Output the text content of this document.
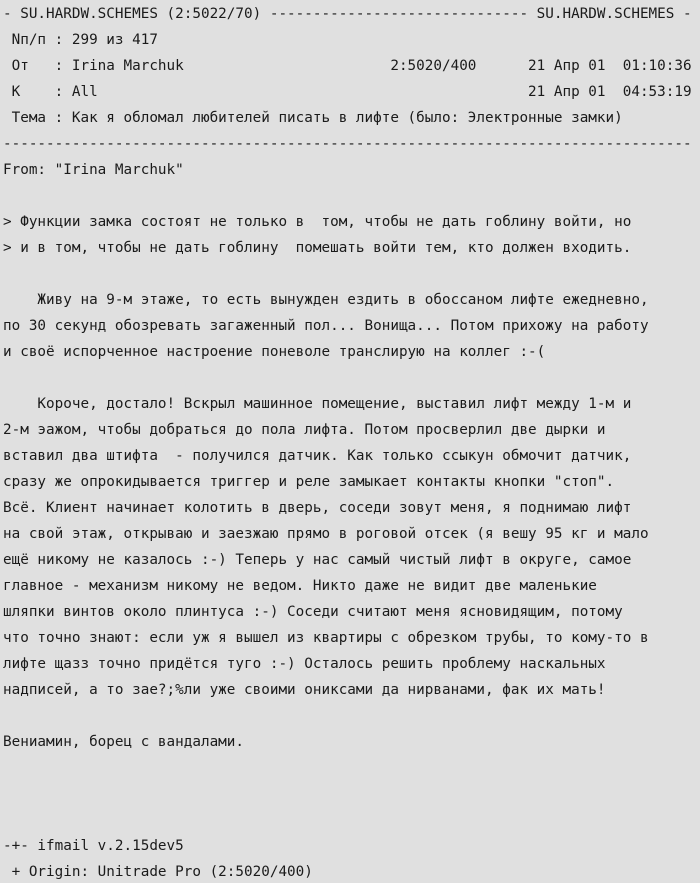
- SU.HARDW.SCHEMES (2:5022/70) ------------------------------ SU.HARDW.SCHEMES -
Nп/п : 299 из 417
От   : Irina Marchuk                        2:5020/400      21 Апр 01  01:10:36
К    : All                                                  21 Апр 01  04:53:19
Тема : Как я обломал любителей писать в лифте (было: Электронные замки)
--------------------------------------------------------------------------------
From: "Irina Marchuk"
> Функции замка состоят не только в  том, чтобы не дать гоблину войти, но
> и в том, чтобы не дать гоблину  помешать войти тем, кто должен входить.
Живу на 9-м этаже, то есть вынужден ездить в обоссаном лифте ежедневно,
по 30 секунд обозревать загаженный пол... Вонища... Потом прихожу на работу
и своё испорченное настроение поневоле транслирую на коллег :-(
Короче, достало! Вскрыл машинное помещение, выставил лифт между 1-м и
2-м эажом, чтобы добраться до пола лифта. Потом просверлил две дырки и
вставил два штифта  - получился датчик. Как только ссыкун обмочит датчик,
сразу же опрокидывается триггер и реле замыкает контакты кнопки "стоп".
Всё. Клиент начинает колотить в дверь, соседи зовут меня, я поднимаю лифт
на свой этаж, открываю и заезжаю прямо в роговой отсек (я вешу 95 кг и мало
ещё никому не казалось :-) Теперь у нас самый чистый лифт в округе, самое
главное - механизм никому не ведом. Никто даже не видит две маленькие
шляпки винтов около плинтуса :-) Соседи считают меня ясновидящим, потому
что точно знают: если уж я вышел из квартиры с обрезком трубы, то кому-то в
лифте щазз точно придётся туго :-) Осталось решить проблему наскальных
надписей, а то зае?;%ли уже своими ониксами да нирванами, фак их мать!
Вениамин, борец с вандалами.
-+- ifmail v.2.15dev5
+ Origin: Unitrade Pro (2:5020/400)
